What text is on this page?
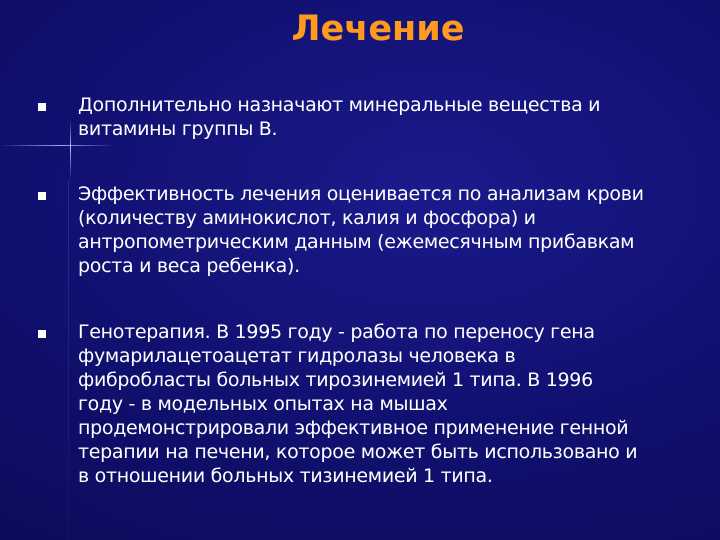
Лечение

Дополнительно назначают минеральные вещества и
витамины группы В.

Эффективность лечения оценивается по анализам крови
(количеству аминокислот, калия и фосфора) и
антропометрическим данным (ежемесячным прибавкам
роста и веса ребенка).

Генотерапия. В 1995 году - работа по переносу гена
фумарилацетоацетат гидролазы человека в
фибробласты больных тирозинемией 1 типа. В 1996
году - в модельных опытах на мышах
продемонстрировали эффективное применение генной
терапии на печени, которое может быть использовано и
в отношении больных тизинемией 1 типа.
